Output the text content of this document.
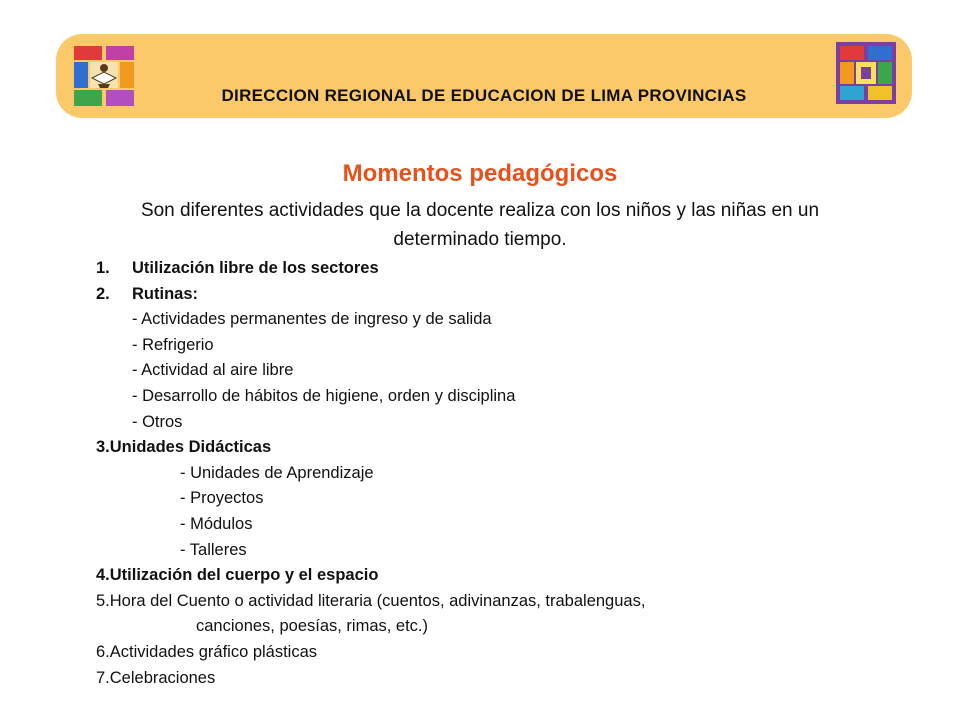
DIRECCION REGIONAL DE EDUCACION DE LIMA PROVINCIAS
Momentos pedagógicos
Son diferentes actividades que la docente realiza con los niños y las niñas en un determinado tiempo.
1. Utilización libre de los sectores
2. Rutinas:
- Actividades permanentes de ingreso y de salida
- Refrigerio
- Actividad al aire libre
- Desarrollo de hábitos de higiene, orden y disciplina
- Otros
3.Unidades Didácticas
- Unidades de Aprendizaje
- Proyectos
- Módulos
- Talleres
4.Utilización del cuerpo y el espacio
5.Hora del Cuento o actividad literaria (cuentos, adivinanzas, trabalenguas,
canciones, poesías, rimas, etc.)
6.Actividades gráfico plásticas
7.Celebraciones
